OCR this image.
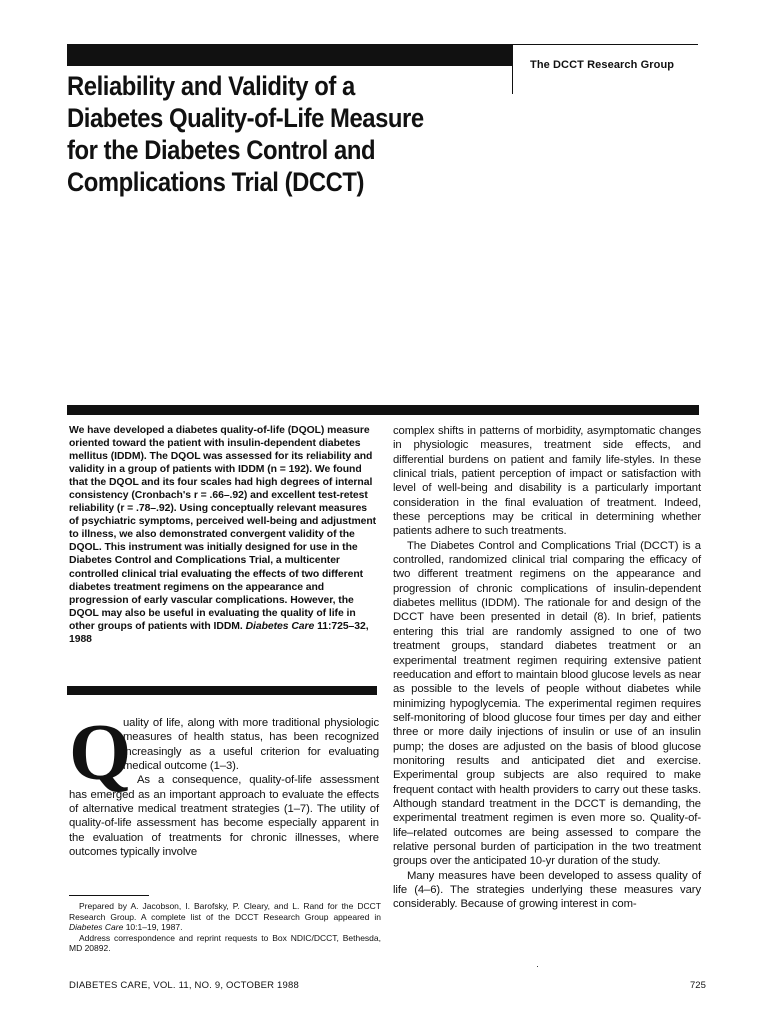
The DCCT Research Group
Reliability and Validity of a Diabetes Quality-of-Life Measure for the Diabetes Control and Complications Trial (DCCT)

We have developed a diabetes quality-of-life (DQOL) measure oriented toward the patient with insulin-dependent diabetes mellitus (IDDM). The DQOL was assessed for its reliability and validity in a group of patients with IDDM (n = 192). We found that the DQOL and its four scales had high degrees of internal consistency (Cronbach's r = .66–.92) and excellent test-retest reliability (r = .78–.92). Using conceptually relevant measures of psychiatric symptoms, perceived well-being and adjustment to illness, we also demonstrated convergent validity of the DQOL. This instrument was initially designed for use in the Diabetes Control and Complications Trial, a multicenter controlled clinical trial evaluating the effects of two different diabetes treatment regimens on the appearance and progression of early vascular complications. However, the DQOL may also be useful in evaluating the quality of life in other groups of patients with IDDM. Diabetes Care 11:725–32, 1988

Q

uality of life, along with more traditional physiologic measures of health status, has been recognized increasingly as a useful criterion for evaluating medical outcome (1–3).

As a consequence, quality-of-life assessment has emerged as an important approach to evaluate the effects of alternative medical treatment strategies (1–7). The utility of quality-of-life assessment has become especially apparent in the evaluation of treatments for chronic illnesses, where outcomes typically involve

complex shifts in patterns of morbidity, asymptomatic changes in physiologic measures, treatment side effects, and differential burdens on patient and family life-styles. In these clinical trials, patient perception of impact or satisfaction with level of well-being and disability is a particularly important consideration in the final evaluation of treatment. Indeed, these perceptions may be critical in determining whether patients adhere to such treatments.

The Diabetes Control and Complications Trial (DCCT) is a controlled, randomized clinical trial comparing the efficacy of two different treatment regimens on the appearance and progression of chronic complications of insulin-dependent diabetes mellitus (IDDM). The rationale for and design of the DCCT have been presented in detail (8). In brief, patients entering this trial are randomly assigned to one of two treatment groups, standard diabetes treatment or an experimental treatment regimen requiring extensive patient reeducation and effort to maintain blood glucose levels as near as possible to the levels of people without diabetes while minimizing hypoglycemia. The experimental regimen requires self-monitoring of blood glucose four times per day and either three or more daily injections of insulin or use of an insulin pump; the doses are adjusted on the basis of blood glucose monitoring results and anticipated diet and exercise. Experimental group subjects are also required to make frequent contact with health providers to carry out these tasks. Although standard treatment in the DCCT is demanding, the experimental treatment regimen is even more so. Quality-of-life–related outcomes are being assessed to compare the relative personal burden of participation in the two treatment groups over the anticipated 10-yr duration of the study.

Many measures have been developed to assess quality of life (4–6). The strategies underlying these measures vary considerably. Because of growing interest in com-

Prepared by A. Jacobson, I. Barofsky, P. Cleary, and L. Rand for the DCCT Research Group. A complete list of the DCCT Research Group appeared in Diabetes Care 10:1–19, 1987.

Address correspondence and reprint requests to Box NDIC/DCCT, Bethesda, MD 20892.

·
DIABETES CARE, VOL. 11, NO. 9, OCTOBER 1988	725
